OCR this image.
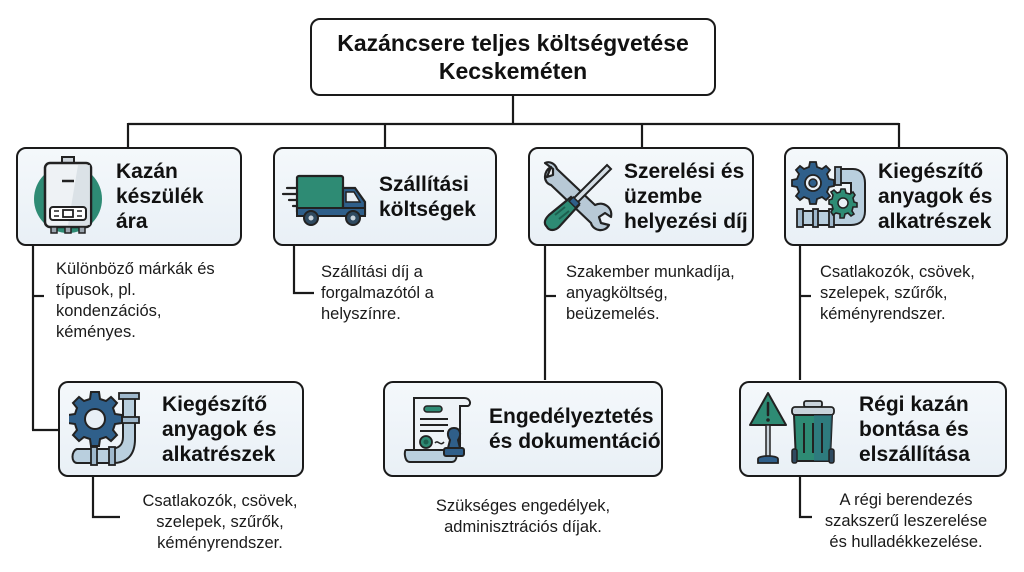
Kazáncsere teljes költségvetése
Kecskeméten
Kazán
készülék ára
Különböző márkák és
típusok, pl.
kondenzációs,
kéményes.
Szállítási
költségek
Szállítási díj a
forgalmazótól a
helyszínre.
Szerelési és
üzembe
helyezési díj
Szakember munkadíja,
anyagköltség,
beüzemelés.
Kiegészítő
anyagok és
alkatrészek
Csatlakozók, csövek,
szelepek, szűrők,
kéményrendszer.
Kiegészítő
anyagok és
alkatrészek
Csatlakozók, csövek,
szelepek, szűrők,
kéményrendszer.
Engedélyeztetés
és dokumentáció
Szükséges engedélyek,
adminisztrációs díjak.
Régi kazán
bontása és
elszállítása
A régi berendezés
szakszerű leszerelése
és hulladékkezelése.
